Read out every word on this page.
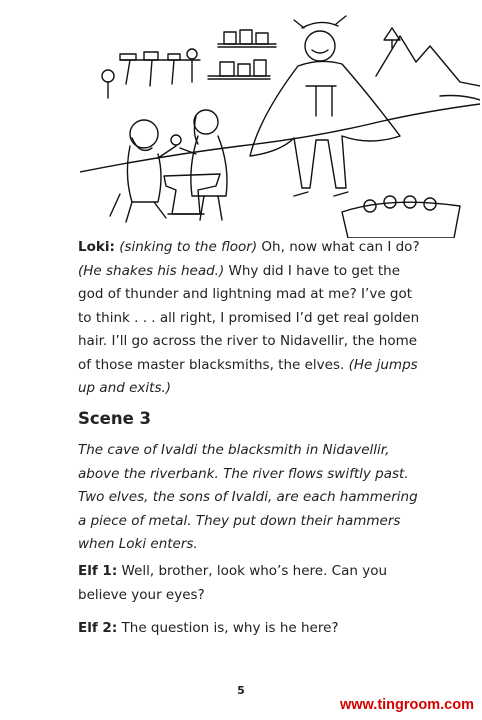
Loki: (sinking to the floor) Oh, now what can I do? (He shakes his head.) Why did I have to get the god of thunder and lightning mad at me? I’ve got to think . . . all right, I promised I’d get real golden hair. I’ll go across the river to Nidavellir, the home of those master blacksmiths, the elves. (He jumps up and exits.)
Scene 3
The cave of Ivaldi the blacksmith in Nidavellir, above the riverbank. The river flows swiftly past. Two elves, the sons of Ivaldi, are each hammering a piece of metal. They put down their hammers when Loki enters.
Elf 1: Well, brother, look who’s here. Can you believe your eyes?
Elf 2: The question is, why is he here?
5
www.tingroom.com
